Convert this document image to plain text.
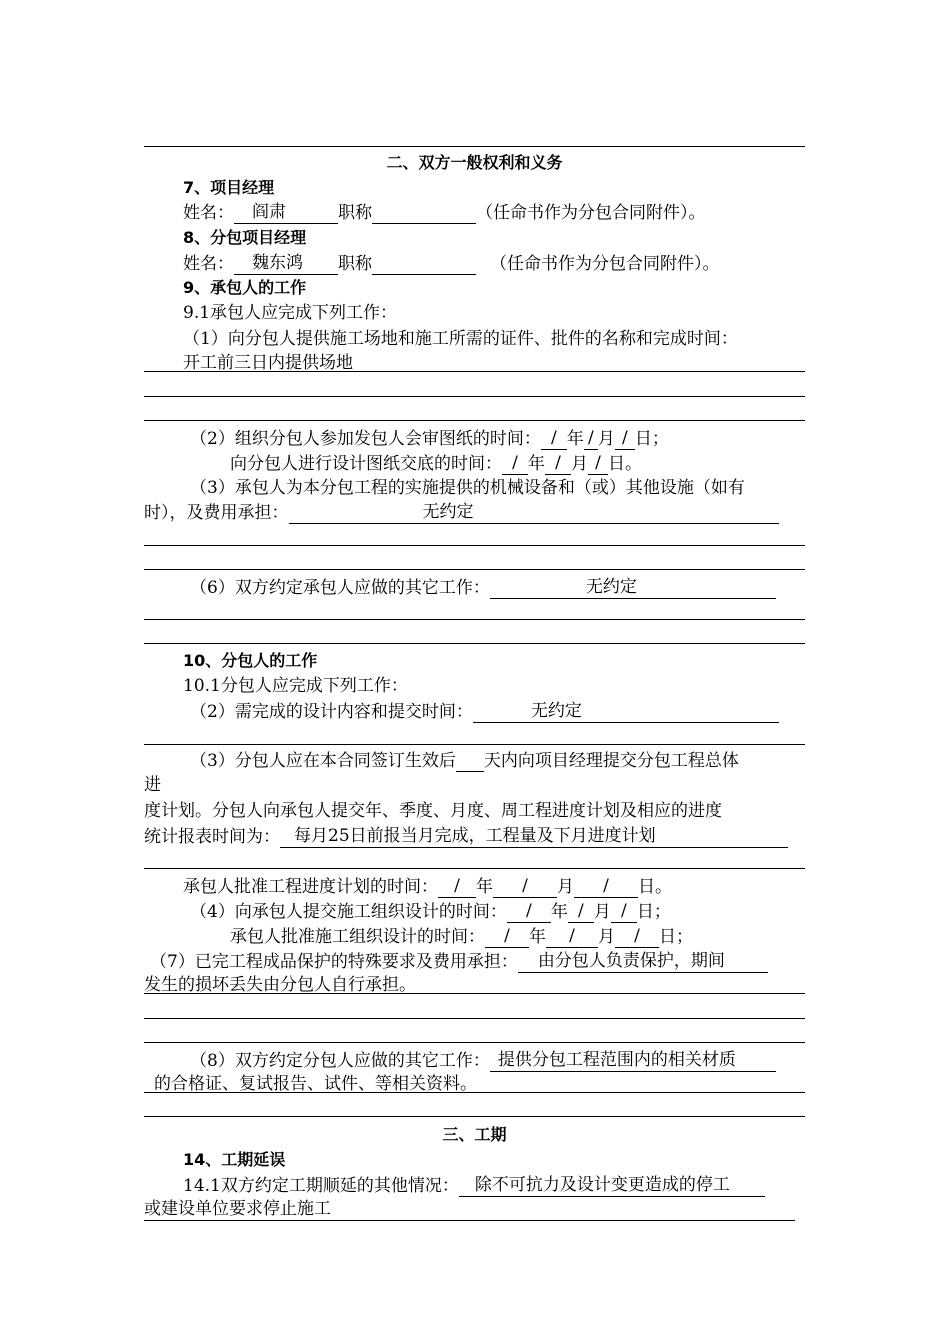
二、双方一般权利和义务
7、项目经理
姓名： 阎肃	职称	（任命书作为分包合同附件）。
8、分包项目经理
姓名： 魏东鸿 职称	（任命书作为分包合同附件）。
9、承包人的工作
9.1承包人应完成下列工作：
（1）向分包人提供施工场地和施工所需的证件、批件的名称和完成时间：
开工前三日内提供场地
（2）组织分包人参加发包人会审图纸的时间： / 年 / 月 / 日；
向分包人进行设计图纸交底的时间： / 年 / 月 / 日。
（3）承包人为本分包工程的实施提供的机械设备和（或）其他设施（如有
时），及费用承担：	无约定
（6）双方约定承包人应做的其它工作：	无约定
10、分包人的工作
10.1分包人应完成下列工作：
（2）需完成的设计内容和提交时间：	无约定
（3）分包人应在本合同签订生效后 天内向项目经理提交分包工程总体
进
度计划。分包人向承包人提交年、季度、月度、周工程进度计划及相应的进度
统计报表时间为： 每月25日前报当月完成，工程量及下月进度计划
承包人批准工程进度计划的时间： / 年 / 月 / 日。
（4）向承包人提交施工组织设计的时间： / 年 / 月 / 日；
承包人批准施工组织设计的时间： / 年 / 月 / 日；
（7）已完工程成品保护的特殊要求及费用承担： 由分包人负责保护，期间
发生的损坏丢失由分包人自行承担。
（8）双方约定分包人应做的其它工作： 提供分包工程范围内的相关材质
的合格证、复试报告、试件、等相关资料。
三、工期
14、工期延误
14.1双方约定工期顺延的其他情况： 除不可抗力及设计变更造成的停工
或建设单位要求停止施工
